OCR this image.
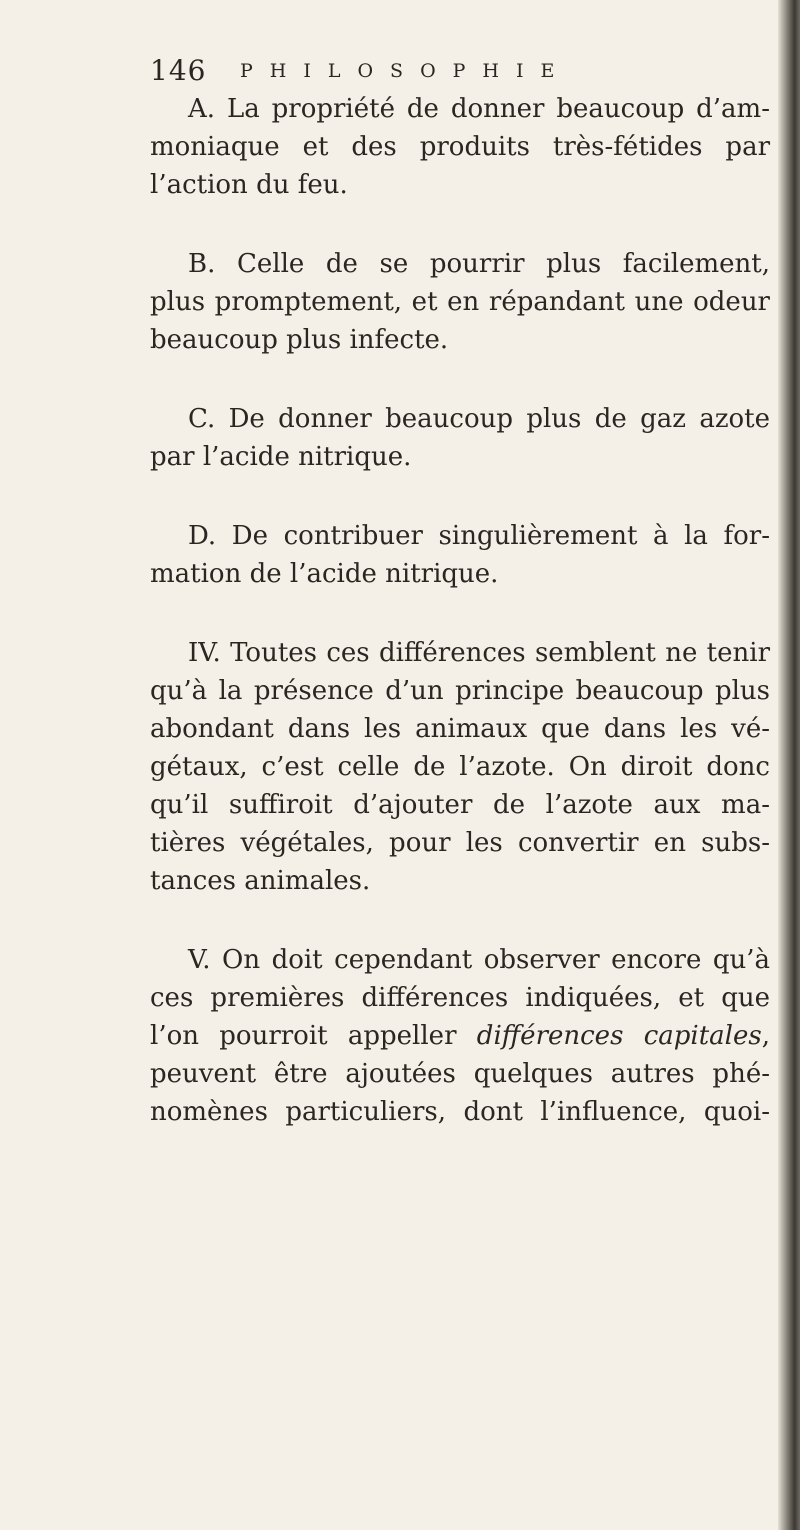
146 PHILOSOPHIE
A. La propriété de donner beaucoup d’am-
moniaque et des produits très-fétides par
l’action du feu.
B. Celle de se pourrir plus facilement,
plus promptement, et en répandant une odeur
beaucoup plus infecte.
C. De donner beaucoup plus de gaz azote
par l’acide nitrique.
D. De contribuer singulièrement à la for-
mation de l’acide nitrique.
IV. Toutes ces différences semblent ne tenir
qu’à la présence d’un principe beaucoup plus
abondant dans les animaux que dans les vé-
gétaux, c’est celle de l’azote. On diroit donc
qu’il suffiroit d’ajouter de l’azote aux ma-
tières végétales, pour les convertir en subs-
tances animales.
V. On doit cependant observer encore qu’à
ces premières différences indiquées, et que
l’on pourroit appeller différences capitales,
peuvent être ajoutées quelques autres phé-
nomènes particuliers, dont l’influence, quoi-
